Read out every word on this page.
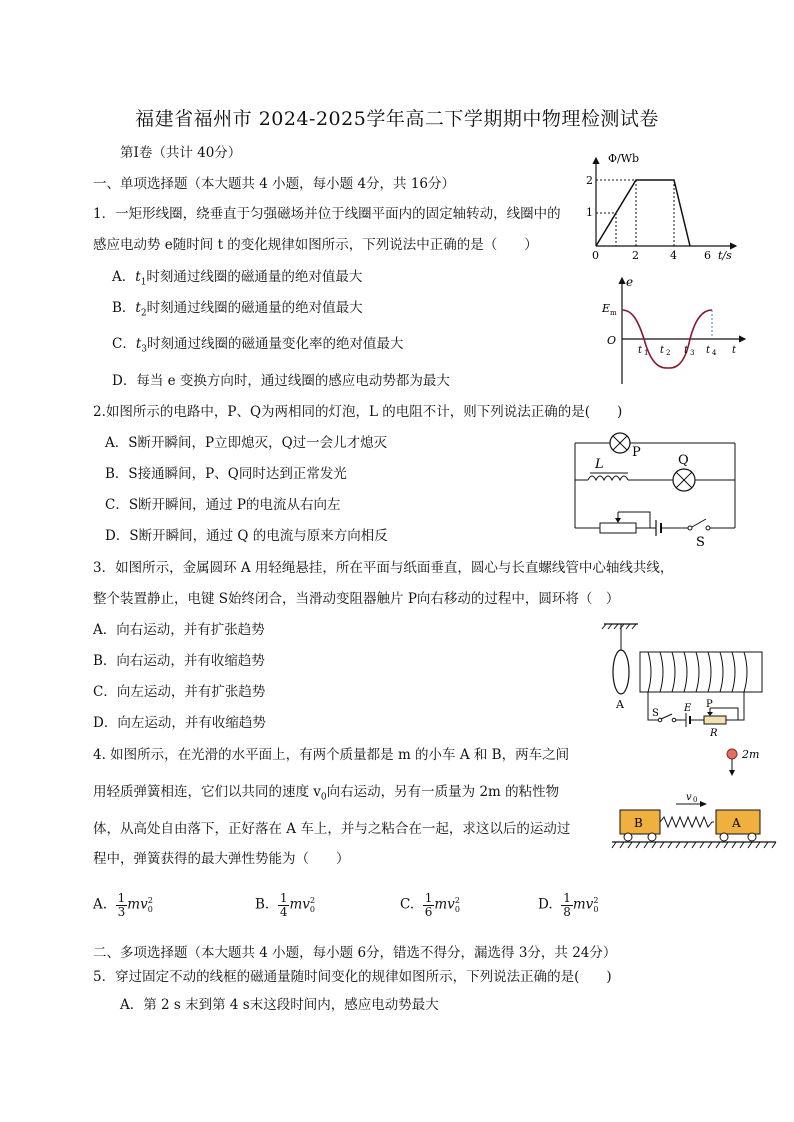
福建省福州市 2024-2025学年高二下学期期中物理检测试卷
第Ⅰ卷（共计 40分）
一、单项选择题（本大题共 4 小题，每小题 4分，共 16分）
1．一矩形线圈，绕垂直于匀强磁场并位于线圈平面内的固定轴转动，线圈中的
感应电动势 e随时间 t 的变化规律如图所示，下列说法中正确的是（　　）
A．$t_1$时刻通过线圈的磁通量的绝对值最大
B．$t_2$时刻通过线圈的磁通量的绝对值最大
C．$t_3$时刻通过线圈的磁通量变化率的绝对值最大
D．每当 e 变换方向时，通过线圈的感应电动势都为最大
2.如图所示的电路中，P、Q为两相同的灯泡，L 的电阻不计，则下列说法正确的是(　　)
A．S断开瞬间，P立即熄灭，Q过一会儿才熄灭
B．S接通瞬间，P、Q同时达到正常发光
C．S断开瞬间，通过 P的电流从右向左
D．S断开瞬间，通过 Q 的电流与原来方向相反
3．如图所示，金属圆环 A 用轻绳悬挂，所在平面与纸面垂直，圆心与长直螺线管中心轴线共线，
整个装置静止，电键 S始终闭合，当滑动变阻器触片 P向右移动的过程中，圆环将（　）
A．向右运动，并有扩张趋势
B．向右运动，并有收缩趋势
C．向左运动，并有扩张趋势
D．向左运动，并有收缩趋势
4. 如图所示，在光滑的水平面上，有两个质量都是 m 的小车 A 和 B，两车之间
用轻质弹簧相连，它们以共同的速度 $v_0$向右运动，另有一质量为 2m 的粘性物
体，从高处自由落下，正好落在 A 车上，并与之粘合在一起，求这以后的运动过
程中，弹簧获得的最大弹性势能为（　　）
A. $\frac{1}{3} mv_0^2$	B. $\frac{1}{4} mv_0^2$	C. $\frac{1}{6} mv_0^2$	D. $\frac{1}{8} mv_0^2$
二、多项选择题（本大题共 4 小题，每小题 6分，错选不得分，漏选得 3分，共 24分）
5．穿过固定不动的线框的磁通量随时间变化的规律如图所示，下列说法正确的是(　　)
A．第 2 s 末到第 4 s末这段时间内，感应电动势最大
Φ/Wb
1
2
0	2	4 6 t/s
e
E m
O
t 1 t 2 t 3 t 4 t
P
Q
L
S
A
S	E P
R
2m
v 0
B	A
